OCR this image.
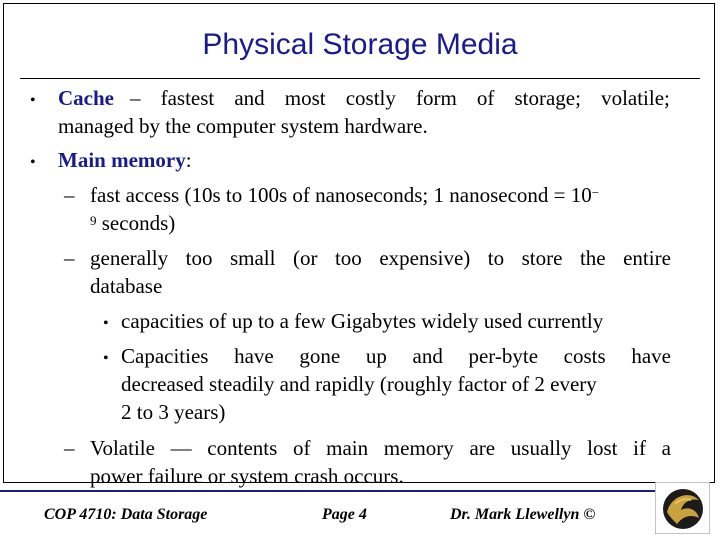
Physical Storage Media
• Cache – fastest and most costly form of storage; volatile;
managed by the computer system hardware.
• Main memory:
– fast access (10s to 100s of nanoseconds; 1 nanosecond = 10−
$^9$ seconds)
– generally too small (or too expensive) to store the entire
database
• capacities of up to a few Gigabytes widely used currently
• Capacities have gone up and per-byte costs have
decreased steadily and rapidly (roughly factor of 2 every
2 to 3 years)
– Volatile — contents of main memory are usually lost if a
power failure or system crash occurs.
COP 4710: Data Storage	Page 4	Dr. Mark Llewellyn ©
